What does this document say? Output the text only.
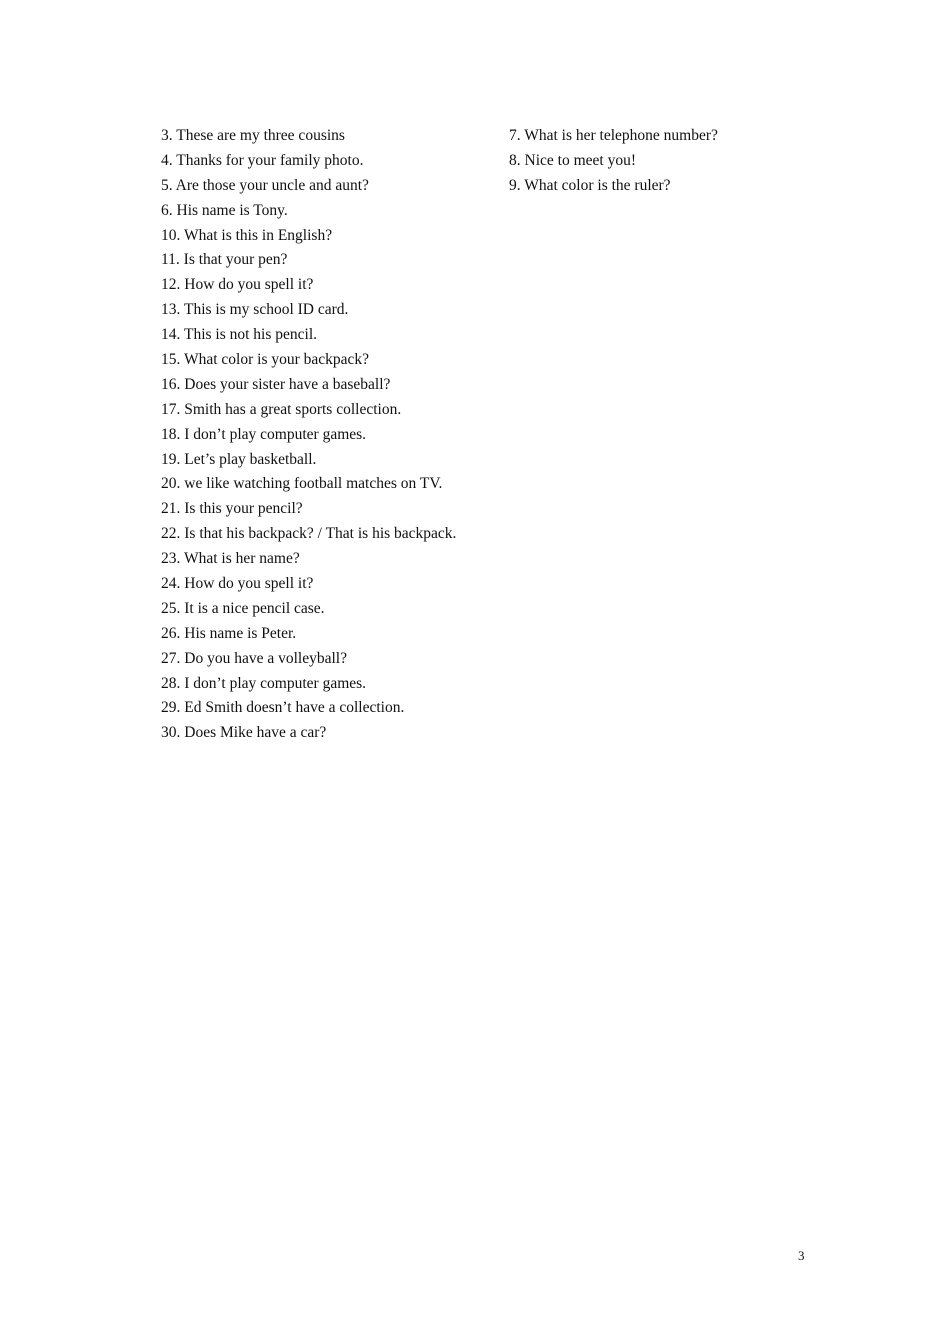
3. These are my three cousins
4. Thanks for your family photo.
5. Are those your uncle and aunt?
6. His name is Tony.
10. What is this in English?
11. Is that your pen?
12. How do you spell it?
13. This is my school ID card.
14. This is not his pencil.
15. What color is your backpack?
16. Does your sister have a baseball?
17. Smith has a great sports collection.
18. I don’t play computer games.
19. Let’s play basketball.
20. we like watching football matches on TV.
21. Is this your pencil?
22. Is that his backpack? / That is his backpack.
23. What is her name?
24. How do you spell it?
25. It is a nice pencil case.
26. His name is Peter.
27. Do you have a volleyball?
28. I don’t play computer games.
29. Ed Smith doesn’t have a collection.
30. Does Mike have a car?
7. What is her telephone number?
8. Nice to meet you!
9. What color is the ruler?
3
